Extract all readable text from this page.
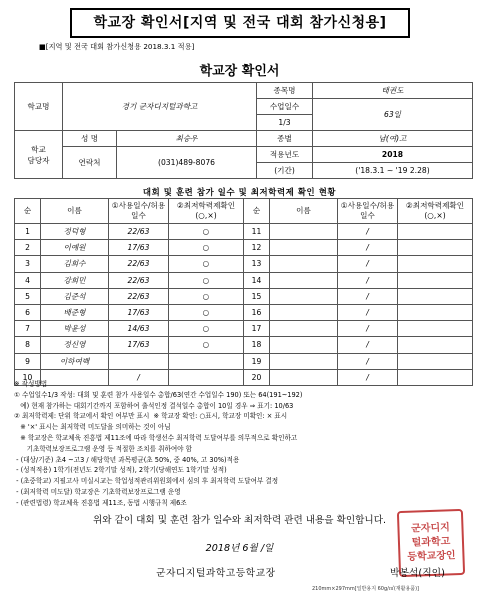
학교장 확인서[지역 및 전국 대회 참가신청용]
■[지역 및 전국 대회 참가신청용 2018.3.1 적용]
학교장 확인서
학교명	경기 군자디지털과학고		종목명	태권도
			수업일수	63일
			1/3	
학교
담당자	성 명	최승우	종별	남(여)고
	연락처	(031)489-8076	적용년도	2018
			(기간)	('18.3.1 ~ '19 2.28)
대회 및 훈련 참가 일수 및 최저학력제 확인 현황
순	이름	①사용일수/허용일수	②최저학력제확인(○,×)	순	이름	①사용일수/허용일수	②최저학력제확인(○,×)
1	정덕형	22/63	○	11		/	
2	이예원	17/63	○	12		/	
3	김희수	22/63	○	13		/	
4	강희민	22/63	○	14		/	
5	김준석	22/63	○	15		/	
6	배준형	17/63	○	16		/	
7	박윤성	14/63	○	17		/	
8	정신영	17/63	○	18		/	
9	이하여백			19		/	
10		/		20		/	
※ 작성방법
① 수업일수1/3 작성: 대회 및 훈련 참가 사용일수 총합/63(연간 수업일수 190) 또는 64(191~192)
예) 현재 참가하는 대회기간까지 포함하여 출석인정 결석일수 총합이 10일 경우 ⇒ 표기: 10/63
② 최저학력제: 단위 학교에서 확인 여부만 표시  ※ 학교장 확인: ○표시, 학교장 미확인: × 표시
※ '×' 표시는 최저학력 미도달을 의미하는 것이 아님
※ 학교장은 학교체육 진흥법 제11조에 따라 학생선수 최저학력 도달여부를 의무적으로 확인하고
기초학력보장프로그램 운영 등 적절한 조치를 취하여야 함
- (대상/기준) 초4 ~고3 / 해당학년 과목평균(초 50%, 중 40%, 고 30%)적용
- (성적적용) 1학기(전년도 2학기말 성적), 2학기(당해연도 1학기말 성적)
- (초중학교) 지필고사 미실시교는 학업성적관리위원회에서 심의 후 최저학력 도달여부 결정
- (최저학력 미도달) 학교장은 기초학력보장프로그램 운영
- (관련법령) 학교체육 진흥법 제11조, 동법 시행규칙 제6조
위와 같이 대회 및 훈련 참가 일수와 최저학력 관련 내용을 확인합니다.
2018년 6월 /일
군자디지
털과학고
등학교장 인
군자디지털과학고등학교장	박봉석(직인)
210mm×297mm[일반용지 60g/㎡(재활용품)]
